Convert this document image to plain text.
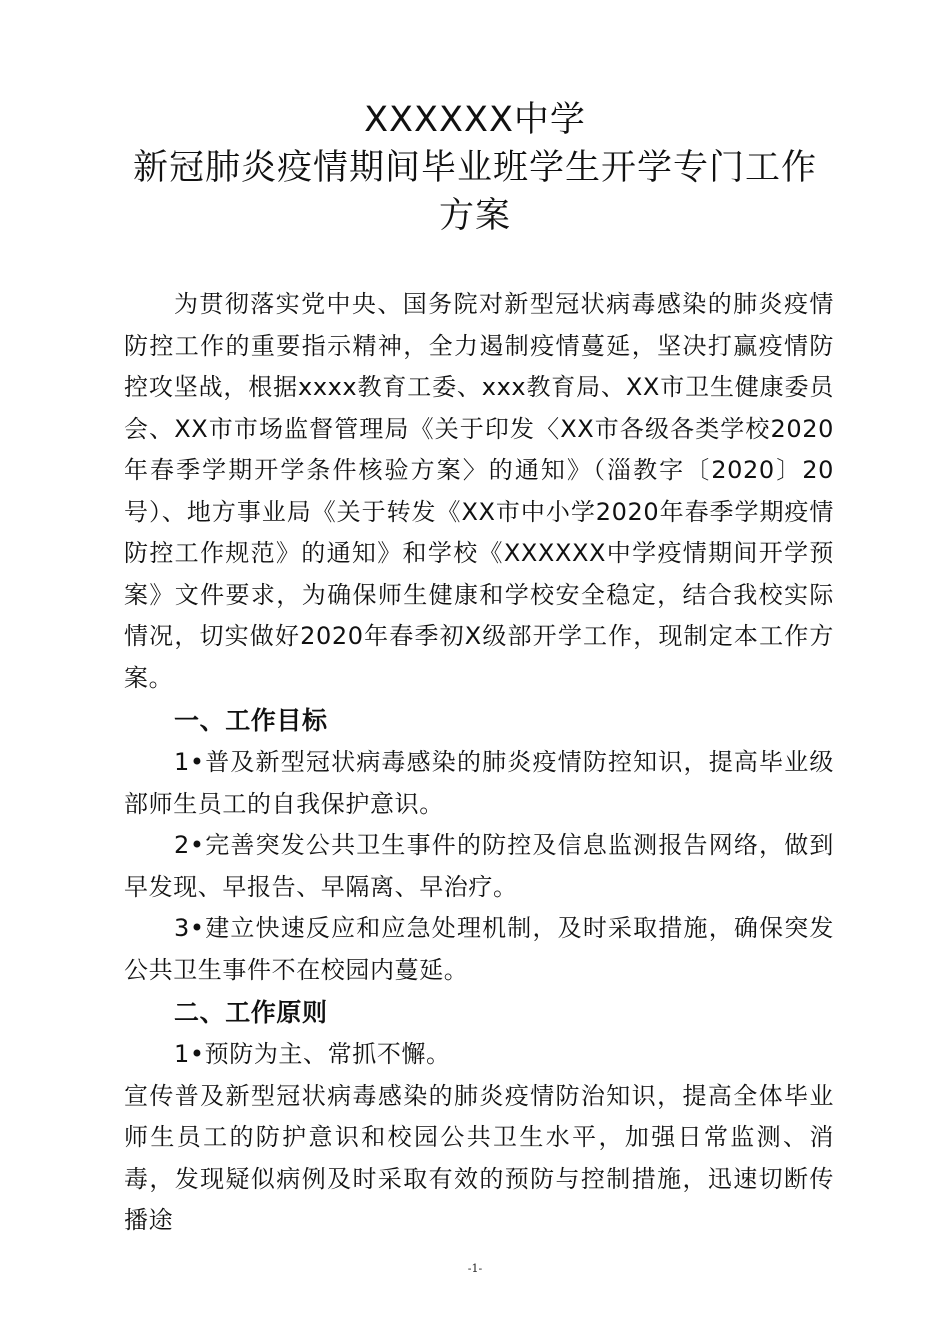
XXXXXX中学
新冠肺炎疫情期间毕业班学生开学专门工作
方案

为贯彻落实党中央、国务院对新型冠状病毒感染的肺炎疫情防控工作的重要指示精神，全力遏制疫情蔓延，坚决打赢疫情防控攻坚战，根据xxxx教育工委、xxx教育局、XX市卫生健康委员会、XX市市场监督管理局《关于印发〈XX市各级各类学校2020年春季学期开学条件核验方案〉的通知》（淄教字〔2020〕20号）、地方事业局《关于转发《XX市中小学2020年春季学期疫情防控工作规范》的通知》和学校《XXXXXX中学疫情期间开学预案》文件要求，为确保师生健康和学校安全稳定，结合我校实际情况，切实做好2020年春季初X级部开学工作，现制定本工作方案。

一、工作目标

1•普及新型冠状病毒感染的肺炎疫情防控知识，提高毕业级部师生员工的自我保护意识。

2•完善突发公共卫生事件的防控及信息监测报告网络，做到早发现、早报告、早隔离、早治疗。

3•建立快速反应和应急处理机制，及时采取措施，确保突发公共卫生事件不在校园内蔓延。

二、工作原则

1•预防为主、常抓不懈。

宣传普及新型冠状病毒感染的肺炎疫情防治知识，提高全体毕业师生员工的防护意识和校园公共卫生水平，加强日常监测、消毒，发现疑似病例及时采取有效的预防与控制措施，迅速切断传播途

-1-
